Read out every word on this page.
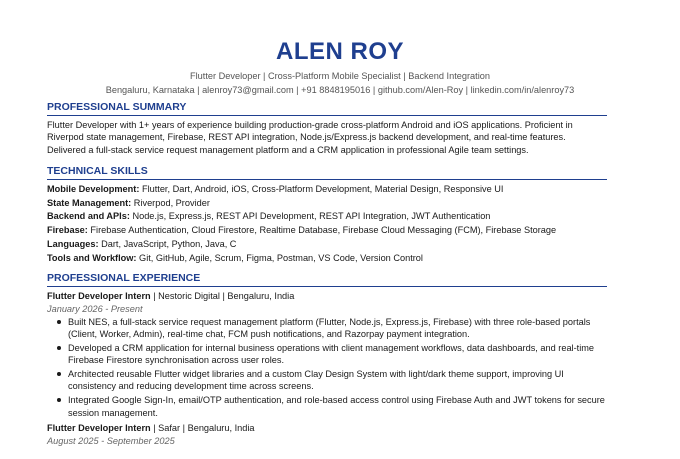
ALEN ROY
Flutter Developer | Cross-Platform Mobile Specialist | Backend Integration
Bengaluru, Karnataka | alenroy73@gmail.com | +91 8848195016 | github.com/Alen-Roy | linkedin.com/in/alenroy73
PROFESSIONAL SUMMARY
Flutter Developer with 1+ years of experience building production-grade cross-platform Android and iOS applications. Proficient in Riverpod state management, Firebase, REST API integration, Node.js/Express.js backend development, and real-time features. Delivered a full-stack service request management platform and a CRM application in professional Agile team settings.
TECHNICAL SKILLS
Mobile Development: Flutter, Dart, Android, iOS, Cross-Platform Development, Material Design, Responsive UI
State Management: Riverpod, Provider
Backend and APIs: Node.js, Express.js, REST API Development, REST API Integration, JWT Authentication
Firebase: Firebase Authentication, Cloud Firestore, Realtime Database, Firebase Cloud Messaging (FCM), Firebase Storage
Languages: Dart, JavaScript, Python, Java, C
Tools and Workflow: Git, GitHub, Agile, Scrum, Figma, Postman, VS Code, Version Control
PROFESSIONAL EXPERIENCE
Flutter Developer Intern | Nestoric Digital | Bengaluru, India
January 2026 - Present
Built NES, a full-stack service request management platform (Flutter, Node.js, Express.js, Firebase) with three role-based portals (Client, Worker, Admin), real-time chat, FCM push notifications, and Razorpay payment integration.
Developed a CRM application for internal business operations with client management workflows, data dashboards, and real-time Firebase Firestore synchronisation across user roles.
Architected reusable Flutter widget libraries and a custom Clay Design System with light/dark theme support, improving UI consistency and reducing development time across screens.
Integrated Google Sign-In, email/OTP authentication, and role-based access control using Firebase Auth and JWT tokens for secure session management.
Flutter Developer Intern | Safar | Bengaluru, India
August 2025 - September 2025
